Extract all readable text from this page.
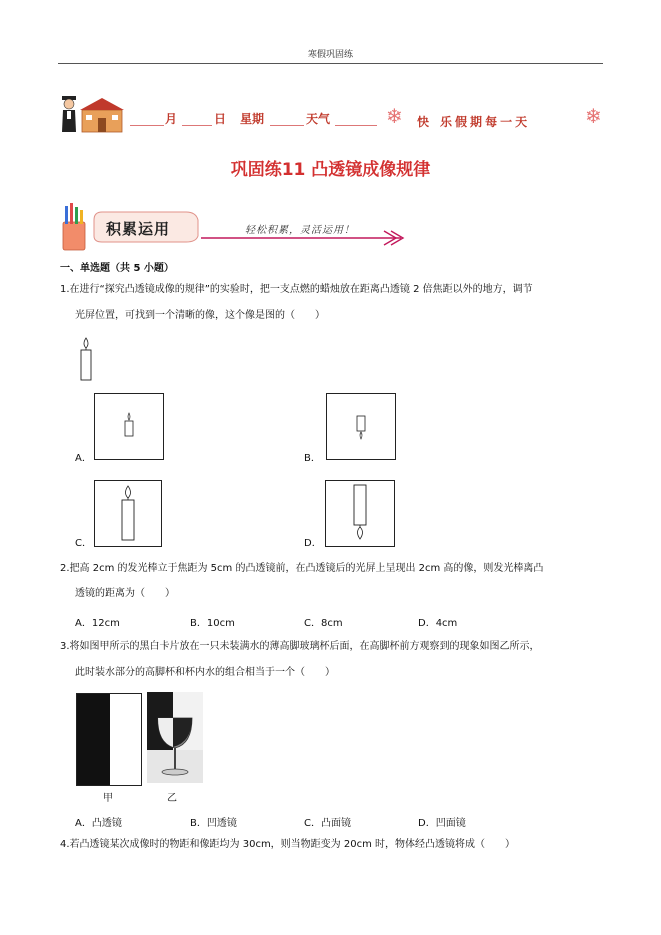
寒假巩固练
月	日 星期	天气	❄ 快 乐假期每一天	❄
巩固练11 凸透镜成像规律
积累运用	轻松积累，灵活运用！
一、单选题（共 5 小题）
1.在进行“探究凸透镜成像的规律”的实验时，把一支点燃的蜡烛放在距离凸透镜 2 倍焦距以外的地方，调节
光屏位置，可找到一个清晰的像，这个像是图的（　　）
A．	B．
C．	D．
2.把高 2cm 的发光棒立于焦距为 5cm 的凸透镜前，在凸透镜后的光屏上呈现出 2cm 高的像，则发光棒离凸
透镜的距离为（　　）
A．12cm	B．10cm	C．8cm	D．4cm
3.将如图甲所示的黑白卡片放在一只未装满水的薄高脚玻璃杯后面，在高脚杯前方观察到的现象如图乙所示，
此时装水部分的高脚杯和杯内水的组合相当于一个（　　）
甲	乙
A．凸透镜	B．凹透镜	C．凸面镜	D．凹面镜
4.若凸透镜某次成像时的物距和像距均为 30cm，则当物距变为 20cm 时，物体经凸透镜将成（　　）
